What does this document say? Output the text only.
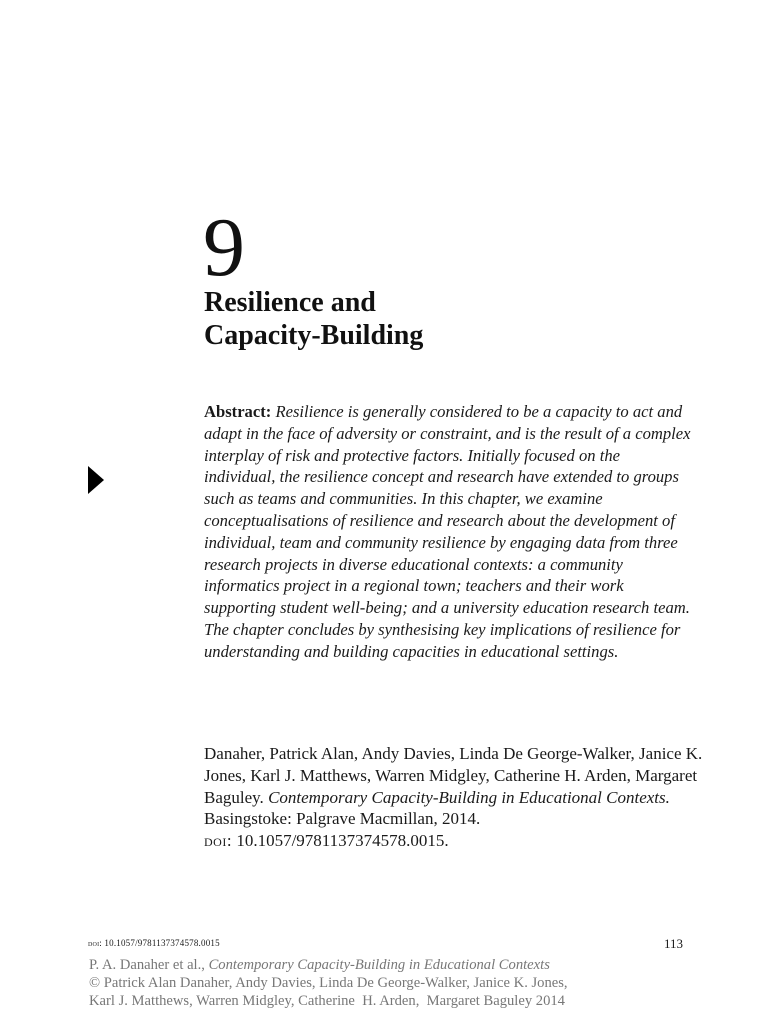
9
Resilience and
Capacity-Building

Abstract: Resilience is generally considered to be a capacity to act and adapt in the face of adversity or constraint, and is the result of a complex interplay of risk and protective factors. Initially focused on the individual, the resilience concept and research have extended to groups such as teams and communities. In this chapter, we examine conceptualisations of resilience and research about the development of individual, team and community resilience by engaging data from three research projects in diverse educational contexts: a community informatics project in a regional town; teachers and their work supporting student well-being; and a university education research team. The chapter concludes by synthesising key implications of resilience for understanding and building capacities in educational settings.

Danaher, Patrick Alan, Andy Davies, Linda De George-Walker, Janice K. Jones, Karl J. Matthews, Warren Midgley, Catherine H. Arden, Margaret Baguley. Contemporary Capacity-Building in Educational Contexts.
Basingstoke: Palgrave Macmillan, 2014.
doi: 10.1057/9781137374578.0015.

doi: 10.1057/9781137374578.0015	113
P. A. Danaher et al., Contemporary Capacity-Building in Educational Contexts
© Patrick Alan Danaher, Andy Davies, Linda De George-Walker, Janice K. Jones,
Karl J. Matthews, Warren Midgley, Catherine  H. Arden,  Margaret Baguley 2014
